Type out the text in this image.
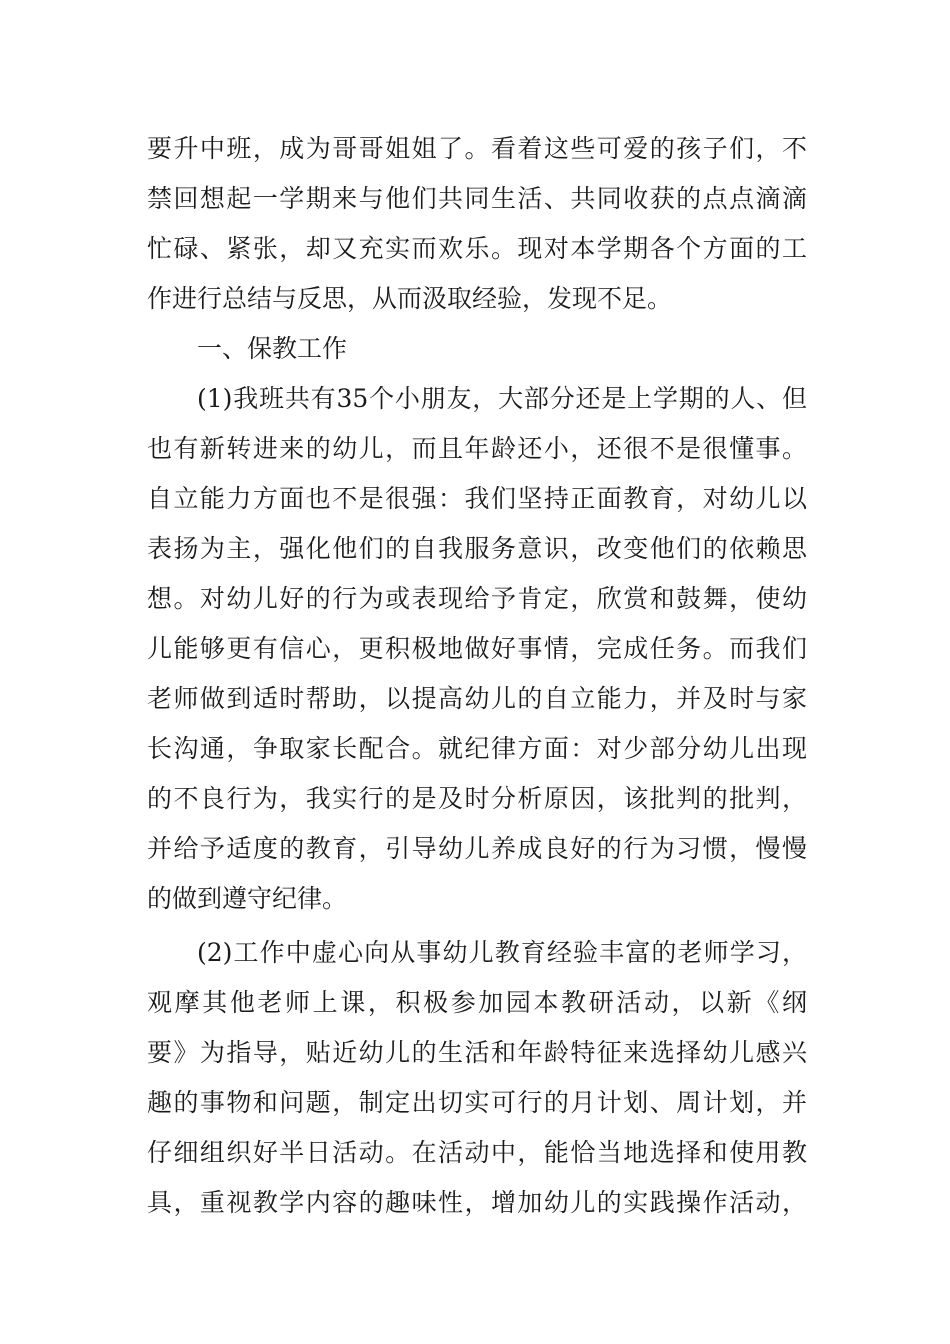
要升中班，成为哥哥姐姐了。看着这些可爱的孩子们，不
禁回想起一学期来与他们共同生活、共同收获的点点滴滴
忙碌、紧张，却又充实而欢乐。现对本学期各个方面的工
作进行总结与反思，从而汲取经验，发现不足。
一、保教工作
(1)我班共有35个小朋友，大部分还是上学期的人、但
也有新转进来的幼儿，而且年龄还小，还很不是很懂事。
自立能力方面也不是很强：我们坚持正面教育，对幼儿以
表扬为主，强化他们的自我服务意识，改变他们的依赖思
想。对幼儿好的行为或表现给予肯定，欣赏和鼓舞，使幼
儿能够更有信心，更积极地做好事情，完成任务。而我们
老师做到适时帮助，以提高幼儿的自立能力，并及时与家
长沟通，争取家长配合。就纪律方面：对少部分幼儿出现
的不良行为，我实行的是及时分析原因，该批判的批判，
并给予适度的教育，引导幼儿养成良好的行为习惯，慢慢
的做到遵守纪律。
(2)工作中虚心向从事幼儿教育经验丰富的老师学习，
观摩其他老师上课，积极参加园本教研活动，以新《纲
要》为指导，贴近幼儿的生活和年龄特征来选择幼儿感兴
趣的事物和问题，制定出切实可行的月计划、周计划，并
仔细组织好半日活动。在活动中，能恰当地选择和使用教
具，重视教学内容的趣味性，增加幼儿的实践操作活动，
